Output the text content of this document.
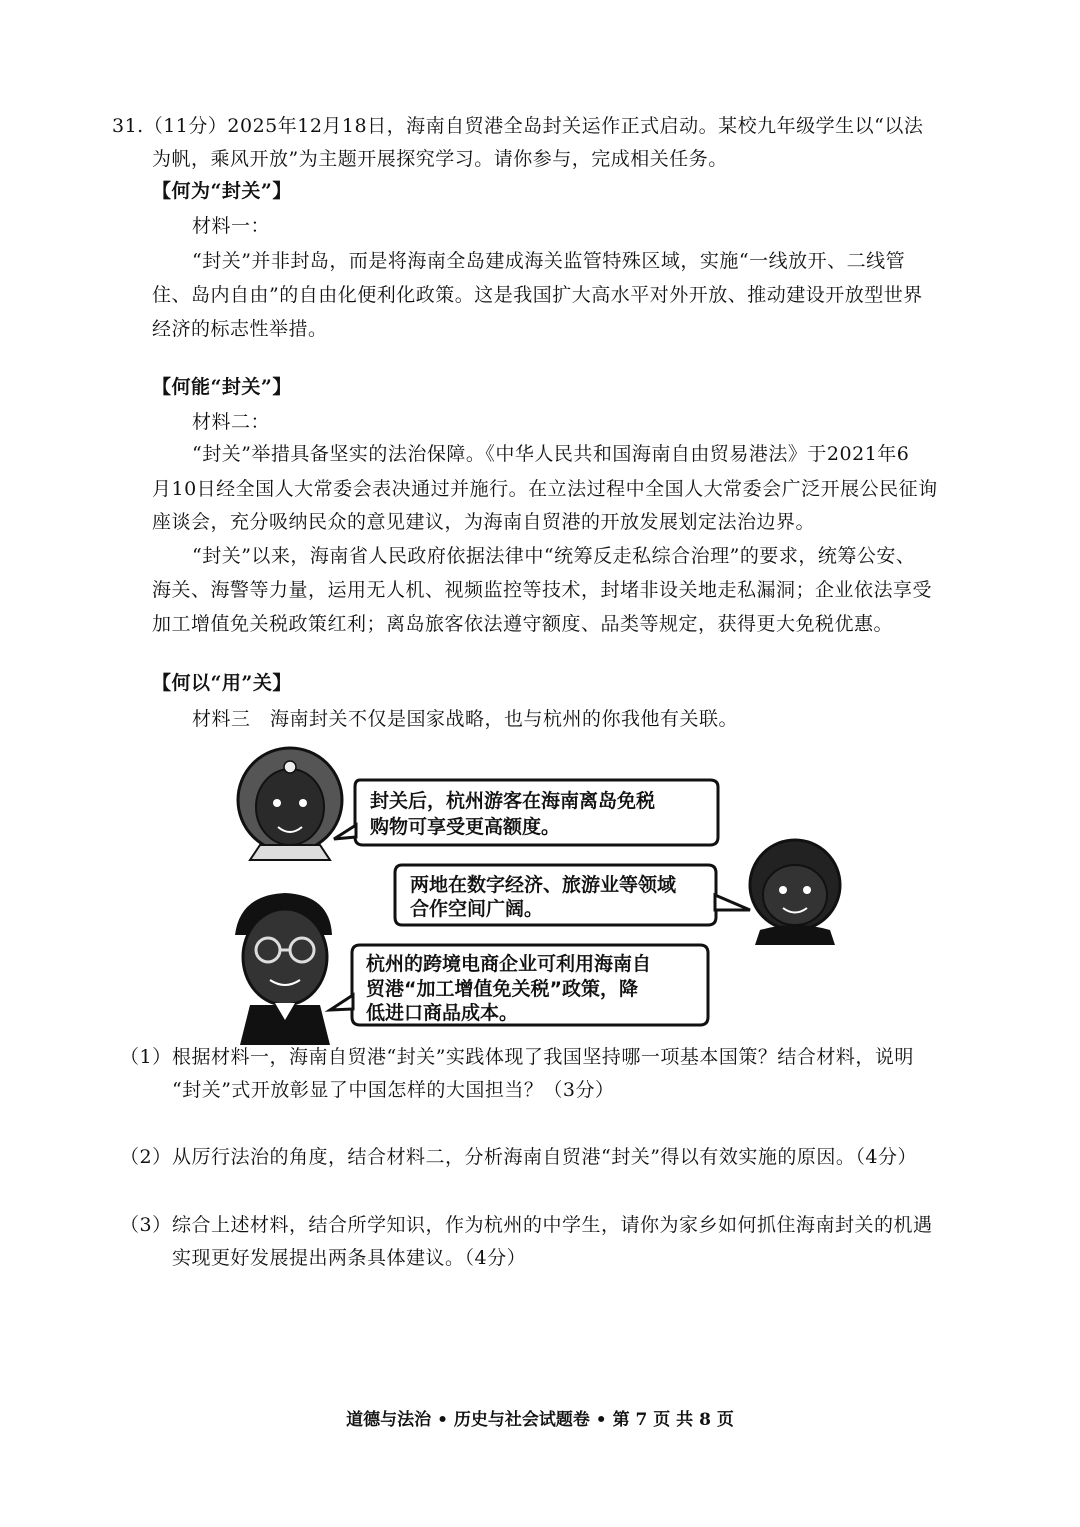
31.（11分）2025年12月18日，海南自贸港全岛封关运作正式启动。某校九年级学生以“以法
为帆，乘风开放”为主题开展探究学习。请你参与，完成相关任务。
【何为“封关”】
材料一：
“封关”并非封岛，而是将海南全岛建成海关监管特殊区域，实施“一线放开、二线管
住、岛内自由”的自由化便利化政策。这是我国扩大高水平对外开放、推动建设开放型世界
经济的标志性举措。
【何能“封关”】
材料二：
“封关”举措具备坚实的法治保障。《中华人民共和国海南自由贸易港法》于2021年6
月10日经全国人大常委会表决通过并施行。在立法过程中全国人大常委会广泛开展公民征询
座谈会，充分吸纳民众的意见建议，为海南自贸港的开放发展划定法治边界。
“封关”以来，海南省人民政府依据法律中“统筹反走私综合治理”的要求，统筹公安、
海关、海警等力量，运用无人机、视频监控等技术，封堵非设关地走私漏洞；企业依法享受
加工增值免关税政策红利；离岛旅客依法遵守额度、品类等规定，获得更大免税优惠。
【何以“用”关】
材料三　海南封关不仅是国家战略，也与杭州的你我他有关联。
封关后，杭州游客在海南离岛免税
购物可享受更高额度。
两地在数字经济、旅游业等领域
合作空间广阔。
杭州的跨境电商企业可利用海南自
贸港“加工增值免关税”政策，降
低进口商品成本。
（1） 根据材料一，海南自贸港“封关”实践体现了我国坚持哪一项基本国策？结合材料，说明
“封关”式开放彰显了中国怎样的大国担当？（3分）
（2） 从厉行法治的角度，结合材料二，分析海南自贸港“封关”得以有效实施的原因。（4分）
（3） 综合上述材料，结合所学知识，作为杭州的中学生，请你为家乡如何抓住海南封关的机遇
实现更好发展提出两条具体建议。（4分）
道德与法治 • 历史与社会试题卷 • 第 7 页 共 8 页
